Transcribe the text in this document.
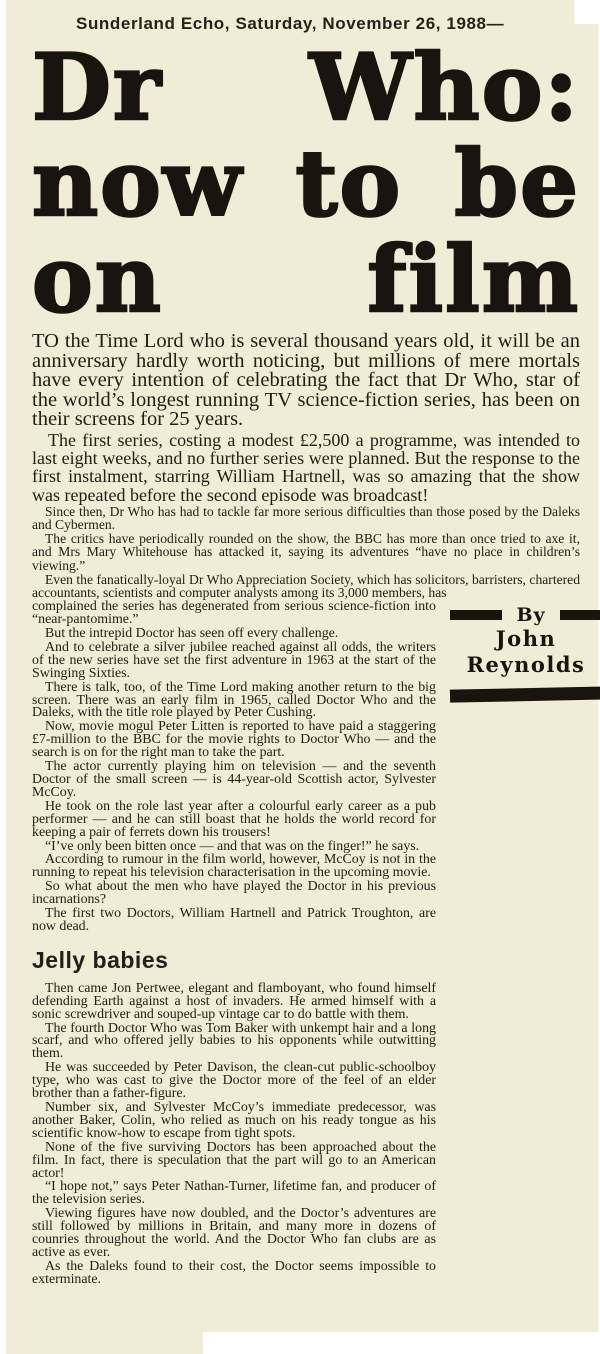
Sunderland Echo, Saturday, November 26, 1988—
Dr Who:
now to be
on film

TO the Time Lord who is several thousand years old, it will be an anniversary hardly worth noticing, but millions of mere mortals have every intention of celebrating the fact that Dr Who, star of the world’s longest running TV science-fiction series, has been on their screens for 25 years.

The first series, costing a modest £2,500 a programme, was intended to last eight weeks, and no further series were planned. But the response to the first instalment, starring William Hartnell, was so amazing that the show was repeated before the second episode was broadcast!

Since then, Dr Who has had to tackle far more serious difficulties than those posed by the Daleks and Cybermen.

The critics have periodically rounded on the show, the BBC has more than once tried to axe it, and Mrs Mary Whitehouse has attacked it, saying its adventures “have no place in children’s viewing.”

Even the fanatically-loyal Dr Who Appreciation Society, which has solicitors, barristers, chartered accountants, scientists and computer analysts among its 3,000 members, has

complained the series has degenerated from serious science-fiction into “near-pantomime.”

But the intrepid Doctor has seen off every challenge.

And to celebrate a silver jubilee reached against all odds, the writers of the new series have set the first adventure in 1963 at the start of the Swinging Sixties.

There is talk, too, of the Time Lord making another return to the big screen. There was an early film in 1965, called Doctor Who and the Daleks, with the title role played by Peter Cushing.

Now, movie mogul Peter Litten is reported to have paid a staggering £7-million to the BBC for the movie rights to Doctor Who — and the search is on for the right man to take the part.

The actor currently playing him on television — and the seventh Doctor of the small screen — is 44-year-old Scottish actor, Sylvester McCoy.

He took on the role last year after a colourful early career as a pub performer — and he can still boast that he holds the world record for keeping a pair of ferrets down his trousers!

“I’ve only been bitten once — and that was on the finger!” he says.

According to rumour in the film world, however, McCoy is not in the running to repeat his television characterisation in the upcoming movie.

So what about the men who have played the Doctor in his previous incarnations?

The first two Doctors, William Hartnell and Patrick Troughton, are now dead.

Jelly babies

Then came Jon Pertwee, elegant and flamboyant, who found himself defending Earth against a host of invaders. He armed himself with a sonic screwdriver and souped-up vintage car to do battle with them.

The fourth Doctor Who was Tom Baker with unkempt hair and a long scarf, and who offered jelly babies to his opponents while outwitting them.

He was succeeded by Peter Davison, the clean-cut public-schoolboy type, who was cast to give the Doctor more of the feel of an elder brother than a father-figure.

Number six, and Sylvester McCoy’s immediate predecessor, was another Baker, Colin, who relied as much on his ready tongue as his scientific know-how to escape from tight spots.

None of the five surviving Doctors has been approached about the film. In fact, there is speculation that the part will go to an American actor!

“I hope not,” says Peter Nathan-Turner, lifetime fan, and producer of the television series.

Viewing figures have now doubled, and the Doctor’s adventures are still followed by millions in Britain, and many more in dozens of counries throughout the world. And the Doctor Who fan clubs are as active as ever.

As the Daleks found to their cost, the Doctor seems impossible to exterminate.

By
John
Reynolds
